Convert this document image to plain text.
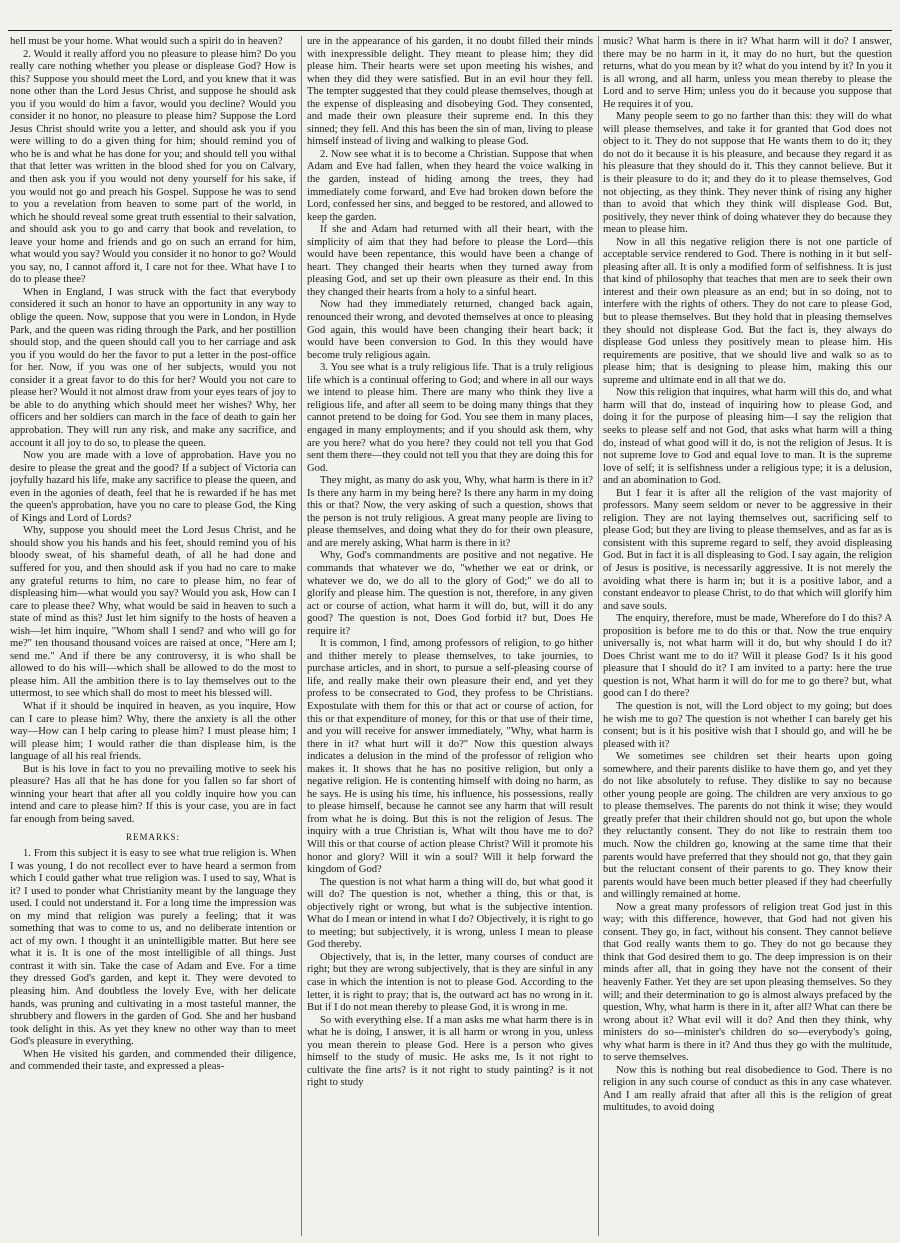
hell must be your home. What would such a spirit do in heaven?

2. Would it really afford you no pleasure to please him? Do you really care nothing whether you please or displease God? How is this? Suppose you should meet the Lord, and you knew that it was none other than the Lord Jesus Christ, and suppose he should ask you if you would do him a favor, would you decline? Would you consider it no honor, no pleasure to please him? Suppose the Lord Jesus Christ should write you a letter, and should ask you if you were willing to do a given thing for him; should remind you of who he is and what he has done for you; and should tell you withal that that letter was written in the blood shed for you on Calvary, and then ask you if you would not deny yourself for his sake, if you would not go and preach his Gospel. Suppose he was to send to you a revelation from heaven to some part of the world, in which he should reveal some great truth essential to their salvation, and should ask you to go and carry that book and revelation, to leave your home and friends and go on such an errand for him, what would you say? Would you consider it no honor to go? Would you say, no, I cannot afford it, I care not for thee. What have I to do to please thee?

When in England, I was struck with the fact that everybody considered it such an honor to have an opportunity in any way to oblige the queen. Now, suppose that you were in London, in Hyde Park, and the queen was riding through the Park, and her postillion should stop, and the queen should call you to her carriage and ask you if you would do her the favor to put a letter in the post-office for her. Now, if you was one of her subjects, would you not consider it a great favor to do this for her? Would you not care to please her? Would it not almost draw from your eyes tears of joy to be able to do anything which should meet her wishes? Why, her officers and her soldiers can march in the face of death to gain her approbation. They will run any risk, and make any sacrifice, and account it all joy to do so, to please the queen.

Now you are made with a love of approbation. Have you no desire to please the great and the good? If a subject of Victoria can joyfully hazard his life, make any sacrifice to please the queen, and even in the agonies of death, feel that he is rewarded if he has met the queen's approbation, have you no care to please God, the King of Kings and Lord of Lords?

Why, suppose you should meet the Lord Jesus Christ, and he should show you his hands and his feet, should remind you of his bloody sweat, of his shameful death, of all he had done and suffered for you, and then should ask if you had no care to make any grateful returns to him, no care to please him, no fear of displeasing him—what would you say? Would you ask, How can I care to please thee? Why, what would be said in heaven to such a state of mind as this? Just let him signify to the hosts of heaven a wish—let him inquire, "Whom shall I send? and who will go for me?" ten thousand thousand voices are raised at once, "Here am I; send me." And if there be any controversy, it is who shall be allowed to do his will—which shall be allowed to do the most to please him. All the ambition there is to lay themselves out to the uttermost, to see which shall do most to meet his blessed will.

What if it should be inquired in heaven, as you inquire, How can I care to please him? Why, there the anxiety is all the other way—How can I help caring to please him? I must please him; I will please him; I would rather die than displease him, is the language of all his real friends.

But is his love in fact to you no prevailing motive to seek his pleasure? Has all that he has done for you fallen so far short of winning your heart that after all you coldly inquire how you can intend and care to please him? If this is your case, you are in fact far enough from being saved.

REMARKS:

1. From this subject it is easy to see what true religion is. When I was young, I do not recollect ever to have heard a sermon from which I could gather what true religion was. I used to say, What is it? I used to ponder what Christianity meant by the language they used. I could not understand it. For a long time the impression was on my mind that religion was purely a feeling; that it was something that was to come to us, and no deliberate intention or act of my own. I thought it an unintelligible matter. But here see what it is. It is one of the most intelligible of all things. Just contrast it with sin. Take the case of Adam and Eve. For a time they dressed God's garden, and kept it. They were devoted to pleasing him. And doubtless the lovely Eve, with her delicate hands, was pruning and cultivating in a most tasteful manner, the shrubbery and flowers in the garden of God. She and her husband took delight in this. As yet they knew no other way than to meet God's pleasure in everything.

When He visited his garden, and commended their diligence, and commended their taste, and expressed a pleas-

ure in the appearance of his garden, it no doubt filled their minds with inexpressible delight. They meant to please him; they did please him. Their hearts were set upon meeting his wishes, and when they did they were satisfied. But in an evil hour they fell. The tempter suggested that they could please themselves, though at the expense of displeasing and disobeying God. They consented, and made their own pleasure their supreme end. In this they sinned; they fell. And this has been the sin of man, living to please himself instead of living and walking to please God.

2. Now see what it is to become a Christian. Suppose that when Adam and Eve had fallen, when they heard the voice walking in the garden, instead of hiding among the trees, they had immediately come forward, and Eve had broken down before the Lord, confessed her sins, and begged to be restored, and allowed to keep the garden.

If she and Adam had returned with all their heart, with the simplicity of aim that they had before to please the Lord—this would have been repentance, this would have been a change of heart. They changed their hearts when they turned away from pleasing God, and set up their own pleasure as their end. In this they changed their hearts from a holy to a sinful heart.

Now had they immediately returned, changed back again, renounced their wrong, and devoted themselves at once to pleasing God again, this would have been changing their heart back; it would have been conversion to God. In this they would have become truly religious again.

3. You see what is a truly religious life. That is a truly religious life which is a continual offering to God; and where in all our ways we intend to please him. There are many who think they live a religious life, and after all seem to be doing many things that they cannot pretend to be doing for God. You see them in many places, engaged in many employments; and if you should ask them, why are you here? what do you here? they could not tell you that God sent them there—they could not tell you that they are doing this for God.

They might, as many do ask you, Why, what harm is there in it? Is there any harm in my being here? Is there any harm in my doing this or that? Now, the very asking of such a question, shows that the person is not truly religious. A great many people are living to please themselves, and doing what they do for their own pleasure, and are merely asking, What harm is there in it?

Why, God's commandments are positive and not negative. He commands that whatever we do, "whether we eat or drink, or whatever we do, we do all to the glory of God;" we do all to glorify and please him. The question is not, therefore, in any given act or course of action, what harm it will do, but, will it do any good? The question is not, Does God forbid it? but, Does He require it?

It is common, I find, among professors of religion, to go hither and thither merely to please themselves, to take journies, to purchase articles, and in short, to pursue a self-pleasing course of life, and really make their own pleasure their end, and yet they profess to be consecrated to God, they profess to be Christians. Expostulate with them for this or that act or course of action, for this or that expenditure of money, for this or that use of their time, and you will receive for answer immediately, "Why, what harm is there in it? what hurt will it do?" Now this question always indicates a delusion in the mind of the professor of religion who makes it. It shows that he has no positive religion, but only a negative religion. He is contenting himself with doing no harm, as he says. He is using his time, his influence, his possessions, really to please himself, because he cannot see any harm that will result from what he is doing. But this is not the religion of Jesus. The inquiry with a true Christian is, What wilt thou have me to do? Will this or that course of action please Christ? Will it promote his honor and glory? Will it win a soul? Will it help forward the kingdom of God?

The question is not what harm a thing will do, but what good it will do? The question is not, whether a thing, this or that, is objectively right or wrong, but what is the subjective intention. What do I mean or intend in what I do? Objectively, it is right to go to meeting; but subjectively, it is wrong, unless I mean to please God thereby.

Objectively, that is, in the letter, many courses of conduct are right; but they are wrong subjectively, that is they are sinful in any case in which the intention is not to please God. According to the letter, it is right to pray; that is, the outward act has no wrong in it. But if I do not mean thereby to please God, it is wrong in me.

So with everything else. If a man asks me what harm there is in what he is doing, I answer, it is all harm or wrong in you, unless you mean therein to please God. Here is a person who gives himself to the study of music. He asks me, Is it not right to cultivate the fine arts? is it not right to study painting? is it not right to study

music? What harm is there in it? What harm will it do? I answer, there may be no harm in it, it may do no hurt, but the question returns, what do you mean by it? what do you intend by it? In you it is all wrong, and all harm, unless you mean thereby to please the Lord and to serve Him; unless you do it because you suppose that He requires it of you.

Many people seem to go no farther than this: they will do what will please themselves, and take it for granted that God does not object to it. They do not suppose that He wants them to do it; they do not do it because it is his pleasure, and because they regard it as his pleasure that they should do it. This they cannot believe. But it is their pleasure to do it; and they do it to please themselves, God not objecting, as they think. They never think of rising any higher than to avoid that which they think will displease God. But, positively, they never think of doing whatever they do because they mean to please him.

Now in all this negative religion there is not one particle of acceptable service rendered to God. There is nothing in it but self-pleasing after all. It is only a modified form of selfishness. It is just that kind of philosophy that teaches that men are to seek their own interest and their own pleasure as an end; but in so doing, not to interfere with the rights of others. They do not care to please God, but to please themselves. But they hold that in pleasing themselves they should not displease God. But the fact is, they always do displease God unless they positively mean to please him. His requirements are positive, that we should live and walk so as to please him; that is designing to please him, making this our supreme and ultimate end in all that we do.

Now this religion that inquires, what harm will this do, and what harm will that do, instead of inquiring how to please God, and doing it for the purpose of pleasing him—I say the religion that seeks to please self and not God, that asks what harm will a thing do, instead of what good will it do, is not the religion of Jesus. It is not supreme love to God and equal love to man. It is the supreme love of self; it is selfishness under a religious type; it is a delusion, and an abomination to God.

But I fear it is after all the religion of the vast majority of professors. Many seem seldom or never to be aggressive in their religion. They are not laying themselves out, sacrificing self to please God; but they are living to please themselves, and as far as is consistent with this supreme regard to self, they avoid displeasing God. But in fact it is all displeasing to God. I say again, the religion of Jesus is positive, is necessarily aggressive. It is not merely the avoiding what there is harm in; but it is a positive labor, and a constant endeavor to please Christ, to do that which will glorify him and save souls.

The enquiry, therefore, must be made, Wherefore do I do this? A proposition is before me to do this or that. Now the true enquiry universally is, not what harm will it do, but why should I do it? Does Christ want me to do it? Will it please God? Is it his good pleasure that I should do it? I am invited to a party: here the true question is not, What harm it will do for me to go there? but, what good can I do there?

The question is not, will the Lord object to my going; but does he wish me to go? The question is not whether I can barely get his consent; but is it his positive wish that I should go, and will he be pleased with it?

We sometimes see children set their hearts upon going somewhere, and their parents dislike to have them go, and yet they do not like absolutely to refuse. They dislike to say no because other young people are going. The children are very anxious to go to please themselves. The parents do not think it wise; they would greatly prefer that their children should not go, but upon the whole they reluctantly consent. They do not like to restrain them too much. Now the children go, knowing at the same time that their parents would have preferred that they should not go, that they gain but the reluctant consent of their parents to go. They know their parents would have been much better pleased if they had cheerfully and willingly remained at home.

Now a great many professors of religion treat God just in this way; with this difference, however, that God had not given his consent. They go, in fact, without his consent. They cannot believe that God really wants them to go. They do not go because they think that God desired them to go. The deep impression is on their minds after all, that in going they have not the consent of their heavenly Father. Yet they are set upon pleasing themselves. So they will; and their determination to go is almost always prefaced by the question, Why, what harm is there in it, after all? What can there be wrong about it? What evil will it do? And then they think, why ministers do so—minister's children do so—everybody's going, why what harm is there in it? And thus they go with the multitude, to serve themselves.

Now this is nothing but real disobedience to God. There is no religion in any such course of conduct as this in any case whatever. And I am really afraid that after all this is the religion of great multitudes, to avoid doing
